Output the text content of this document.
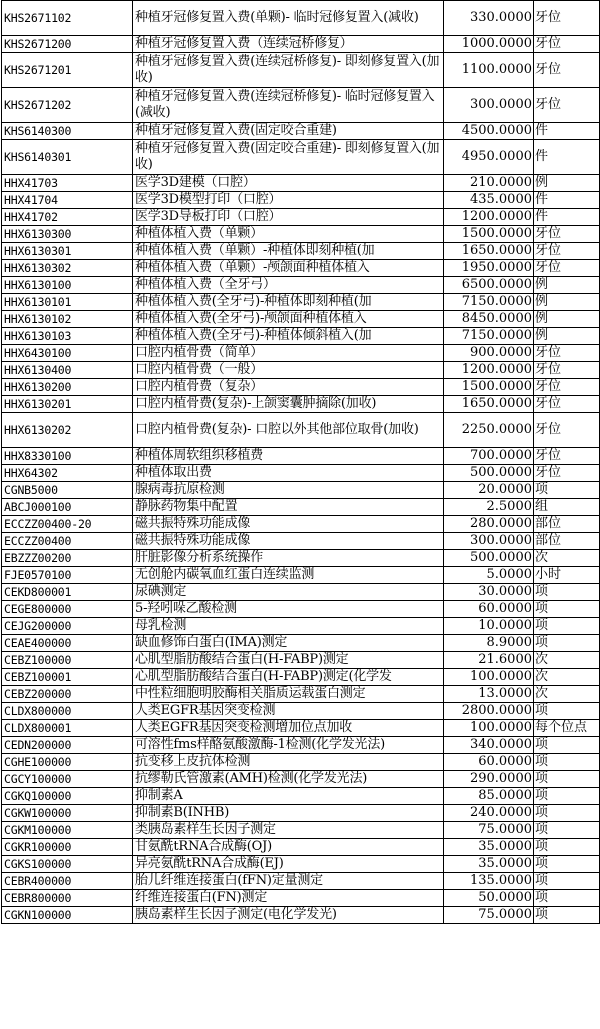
KHS2671102	种植牙冠修复置入费(单颗)- 临时冠修复置入(减收)	330.0000	牙位
KHS2671200	种植牙冠修复置入费（连续冠桥修复）	1000.0000	牙位
KHS2671201	种植牙冠修复置入费(连续冠桥修复)- 即刻修复置入(加收)	1100.0000	牙位
KHS2671202	种植牙冠修复置入费(连续冠桥修复)- 临时冠修复置入(减收)	300.0000	牙位
KHS6140300	种植牙冠修复置入费(固定咬合重建)	4500.0000	件
KHS6140301	种植牙冠修复置入费(固定咬合重建)- 即刻修复置入(加收)	4950.0000	件
HHX41703	医学3D建模（口腔）	210.0000	例
HHX41704	医学3D模型打印（口腔）	435.0000	件
HHX41702	医学3D导板打印（口腔）	1200.0000	件
HHX6130300	种植体植入费（单颗）	1500.0000	牙位
HHX6130301	种植体植入费（单颗）-种植体即刻种植(加	1650.0000	牙位
HHX6130302	种植体植入费（单颗）-颅颌面种植体植入	1950.0000	牙位
HHX6130100	种植体植入费（全牙弓）	6500.0000	例
HHX6130101	种植体植入费(全牙弓)-种植体即刻种植(加	7150.0000	例
HHX6130102	种植体植入费(全牙弓)-颅颌面种植体植入	8450.0000	例
HHX6130103	种植体植入费(全牙弓)-种植体倾斜植入(加	7150.0000	例
HHX6430100	口腔内植骨费（简单）	900.0000	牙位
HHX6130400	口腔内植骨费（一般）	1200.0000	牙位
HHX6130200	口腔内植骨费（复杂）	1500.0000	牙位
HHX6130201	口腔内植骨费(复杂)-上颌窦囊肿摘除(加收)	1650.0000	牙位
HHX6130202	口腔内植骨费(复杂)- 口腔以外其他部位取骨(加收)	2250.0000	牙位
HHX8330100	种植体周软组织移植费	700.0000	牙位
HHX64302	种植体取出费	500.0000	牙位
CGNB5000	腺病毒抗原检测	20.0000	项
ABCJ000100	静脉药物集中配置	2.5000	组
ECCZZ00400-20	磁共振特殊功能成像	280.0000	部位
ECCZZ00400	磁共振特殊功能成像	300.0000	部位
EBZZZ00200	肝脏影像分析系统操作	500.0000	次
FJE0570100	无创舱内碳氧血红蛋白连续监测	5.0000	小时
CEKD800001	尿碘测定	30.0000	项
CEGE800000	5-羟吲哚乙酸检测	60.0000	项
CEJG200000	母乳检测	10.0000	项
CEAE400000	缺血修饰白蛋白(IMA)测定	8.9000	项
CEBZ100000	心肌型脂肪酸结合蛋白(H-FABP)测定	21.6000	次
CEBZ100001	心肌型脂肪酸结合蛋白(H-FABP)测定(化学发	100.0000	次
CEBZ200000	中性粒细胞明胶酶相关脂质运载蛋白测定	13.0000	次
CLDX800000	人类EGFR基因突变检测	2800.0000	项
CLDX800001	人类EGFR基因突变检测增加位点加收	100.0000	每个位点
CEDN200000	可溶性fms样酪氨酸激酶-1检测(化学发光法)	340.0000	项
CGHE100000	抗变移上皮抗体检测	60.0000	项
CGCY100000	抗缪勒氏管激素(AMH)检测(化学发光法)	290.0000	项
CGKQ100000	抑制素A	85.0000	项
CGKW100000	抑制素B(INHB)	240.0000	项
CGKM100000	类胰岛素样生长因子测定	75.0000	项
CGKR100000	甘氨酰tRNA合成酶(OJ)	35.0000	项
CGKS100000	异亮氨酰tRNA合成酶(EJ)	35.0000	项
CEBR400000	胎儿纤维连接蛋白(fFN)定量测定	135.0000	项
CEBR800000	纤维连接蛋白(FN)测定	50.0000	项
CGKN100000	胰岛素样生长因子测定(电化学发光)	75.0000	项
